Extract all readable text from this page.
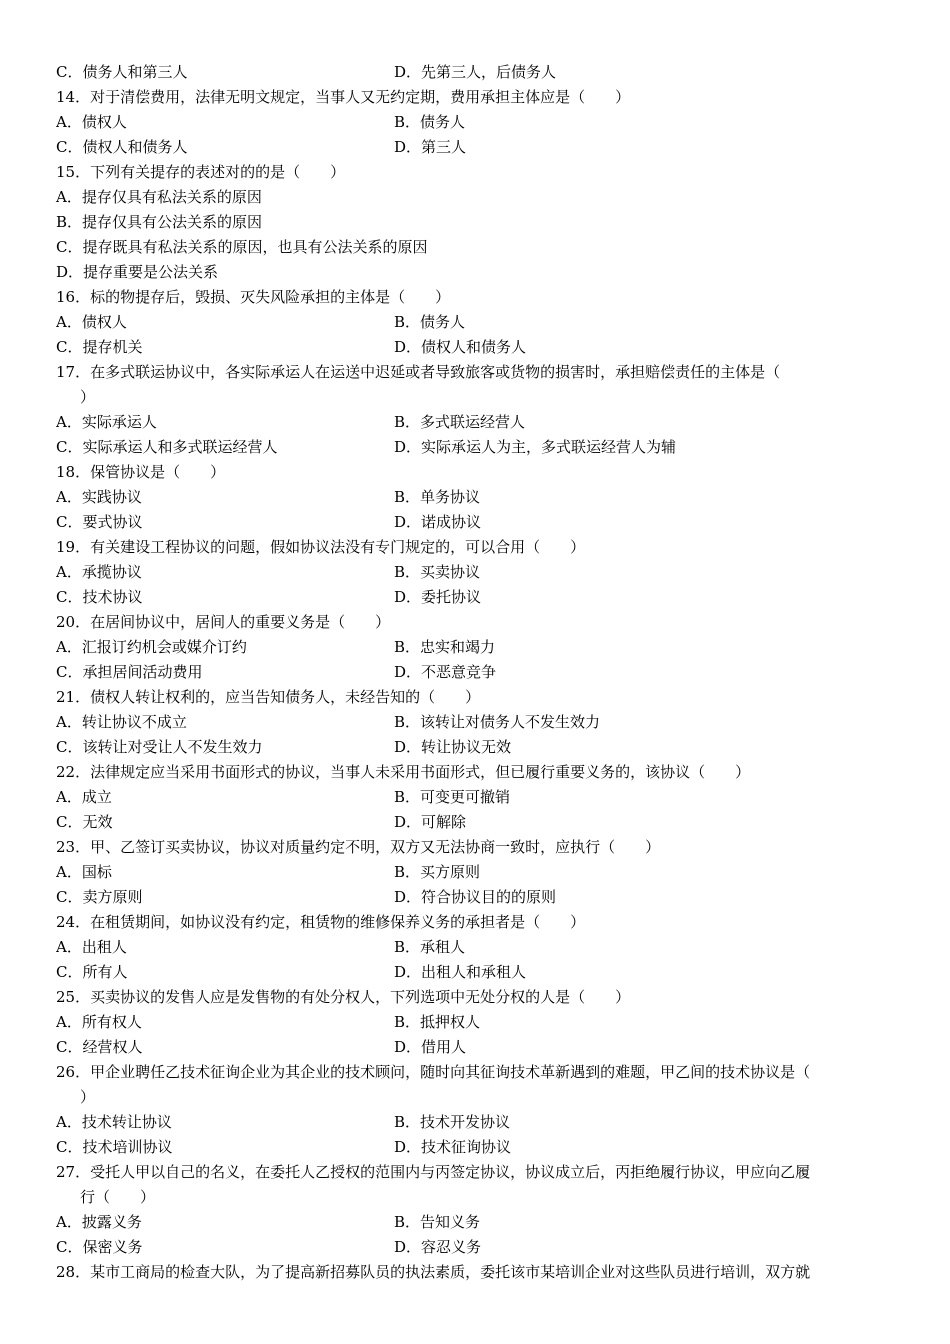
C．债务人和第三人	D．先第三人，后债务人
14．对于清偿费用，法律无明文规定，当事人又无约定期，费用承担主体应是（　　）
A．债权人	B．债务人
C．债权人和债务人	D．第三人
15．下列有关提存的表述对的的是（　　）
A．提存仅具有私法关系的原因
B．提存仅具有公法关系的原因
C．提存既具有私法关系的原因，也具有公法关系的原因
D．提存重要是公法关系
16．标的物提存后，毁损、灭失风险承担的主体是（　　）
A．债权人	B．债务人
C．提存机关	D．债权人和债务人
17．在多式联运协议中，各实际承运人在运送中迟延或者导致旅客或货物的损害时，承担赔偿责任的主体是（
）
A．实际承运人	B．多式联运经营人
C．实际承运人和多式联运经营人	D．实际承运人为主，多式联运经营人为辅
18．保管协议是（　　）
A．实践协议	B．单务协议
C．要式协议	D．诺成协议
19．有关建设工程协议的问题，假如协议法没有专门规定的，可以合用（　　）
A．承揽协议	B．买卖协议
C．技术协议	D．委托协议
20．在居间协议中，居间人的重要义务是（　　）
A．汇报订约机会或媒介订约	B．忠实和竭力
C．承担居间活动费用	D．不恶意竞争
21．债权人转让权利的，应当告知债务人，未经告知的（　　）
A．转让协议不成立	B．该转让对债务人不发生效力
C．该转让对受让人不发生效力	D．转让协议无效
22．法律规定应当采用书面形式的协议，当事人未采用书面形式，但已履行重要义务的，该协议（　　）
A．成立	B．可变更可撤销
C．无效	D．可解除
23．甲、乙签订买卖协议，协议对质量约定不明，双方又无法协商一致时，应执行（　　）
A．国标	B．买方原则
C．卖方原则	D．符合协议目的的原则
24．在租赁期间，如协议没有约定，租赁物的维修保养义务的承担者是（　　）
A．出租人	B．承租人
C．所有人	D．出租人和承租人
25．买卖协议的发售人应是发售物的有处分权人，下列选项中无处分权的人是（　　）
A．所有权人	B．抵押权人
C．经营权人	D．借用人
26．甲企业聘任乙技术征询企业为其企业的技术顾问，随时向其征询技术革新遇到的难题，甲乙间的技术协议是（
）
A．技术转让协议	B．技术开发协议
C．技术培训协议	D．技术征询协议
27．受托人甲以自己的名义，在委托人乙授权的范围内与丙签定协议，协议成立后，丙拒绝履行协议，甲应向乙履
行（　　）
A．披露义务	B．告知义务
C．保密义务	D．容忍义务
28．某市工商局的检查大队，为了提高新招募队员的执法素质，委托该市某培训企业对这些队员进行培训，双方就
